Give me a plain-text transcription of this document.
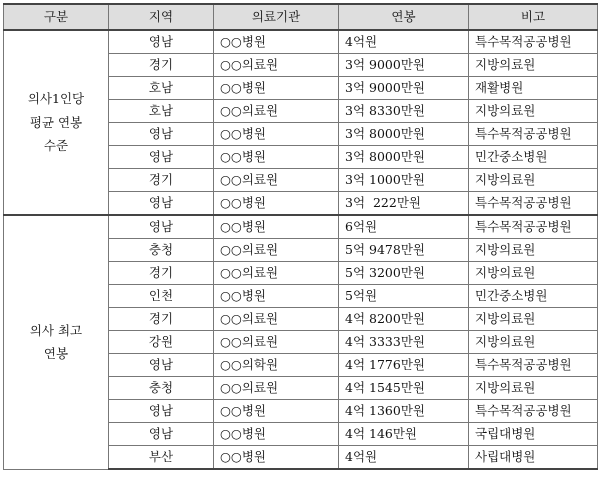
구분	지역	의료기관	연봉	비고

의사1인당
평균 연봉
수준	영남	○○병원	4억원	특수목적공공병원
	경기	○○의료원	3억 9000만원	지방의료원
	호남	○○병원	3억 9000만원	재활병원
	호남	○○의료원	3억 8330만원	지방의료원
	영남	○○병원	3억 8000만원	특수목적공공병원
	영남	○○병원	3억 8000만원	민간중소병원
	경기	○○의료원	3억 1000만원	지방의료원
	영남	○○병원	3억  222만원	특수목적공공병원

의사 최고
연봉	영남	○○병원	6억원	특수목적공공병원
	충청	○○의료원	5억 9478만원	지방의료원
	경기	○○의료원	5억 3200만원	지방의료원
	인천	○○병원	5억원	민간중소병원
	경기	○○의료원	4억 8200만원	지방의료원
	강원	○○의료원	4억 3333만원	지방의료원
	영남	○○의학원	4억 1776만원	특수목적공공병원
	충청	○○의료원	4억 1545만원	지방의료원
	영남	○○병원	4억 1360만원	특수목적공공병원
	영남	○○병원	4억 146만원	국립대병원
	부산	○○병원	4억원	사립대병원
